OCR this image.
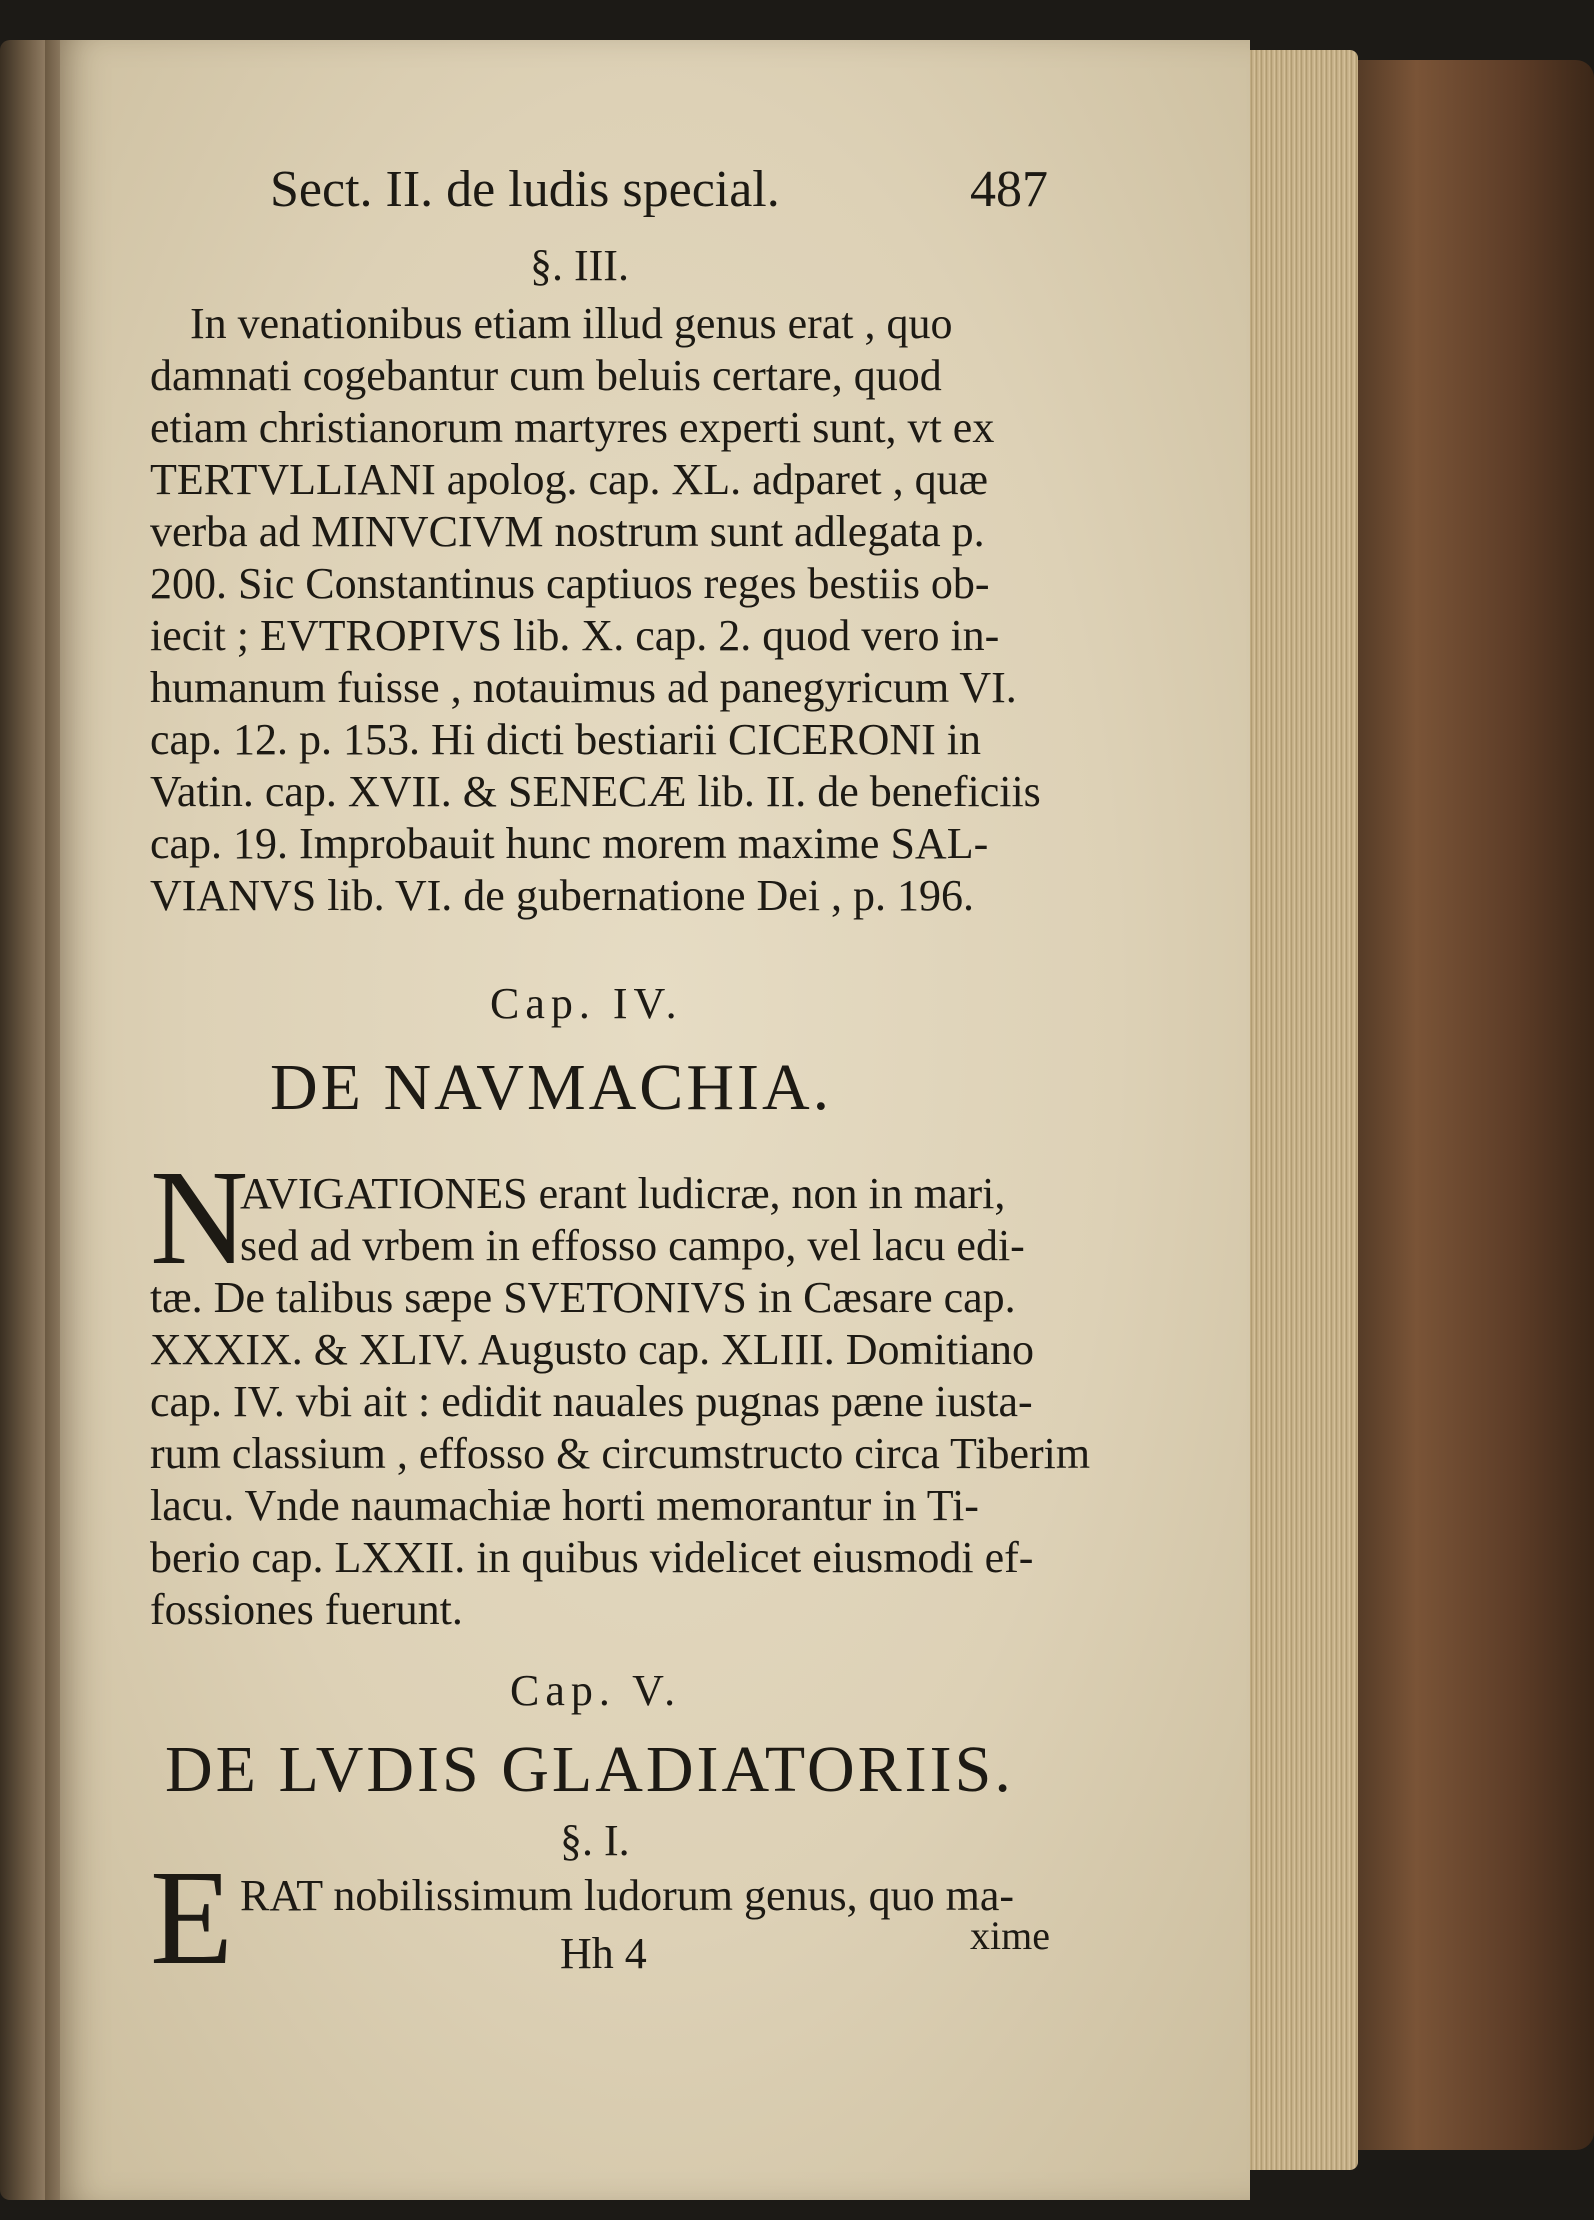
Sect. II. de ludis special.	487
§. III.
In venationibus etiam illud genus erat , quo
damnati cogebantur cum beluis certare, quod
etiam christianorum martyres experti sunt, vt ex
TERTVLLIANI apolog. cap. XL. adparet , quæ
verba ad MINVCIVM nostrum sunt adlegata p.
200. Sic Constantinus captiuos reges bestiis ob-
iecit ; EVTROPIVS lib. X. cap. 2. quod vero in-
humanum fuisse , notauimus ad panegyricum VI.
cap. 12. p. 153. Hi dicti bestiarii CICERONI in
Vatin. cap. XVII. & SENECÆ lib. II. de beneficiis
cap. 19. Improbauit hunc morem maxime SAL-
VIANVS lib. VI. de gubernatione Dei , p. 196.
Cap. IV.
DE NAVMACHIA.
N
AVIGATIONES erant ludicræ, non in mari,
sed ad vrbem in effosso campo, vel lacu edi-
tæ. De talibus sæpe SVETONIVS in Cæsare cap.
XXXIX. & XLIV. Augusto cap. XLIII. Domitiano
cap. IV. vbi ait : edidit nauales pugnas pæne iusta-
rum classium , effosso & circumstructo circa Tiberim
lacu. Vnde naumachiæ horti memorantur in Ti-
berio cap. LXXII. in quibus videlicet eiusmodi ef-
fossiones fuerunt.
Cap. V.
DE LVDIS GLADIATORIIS.
§. I.
E RAT nobilissimum ludorum genus, quo ma-
Hh 4	xime
